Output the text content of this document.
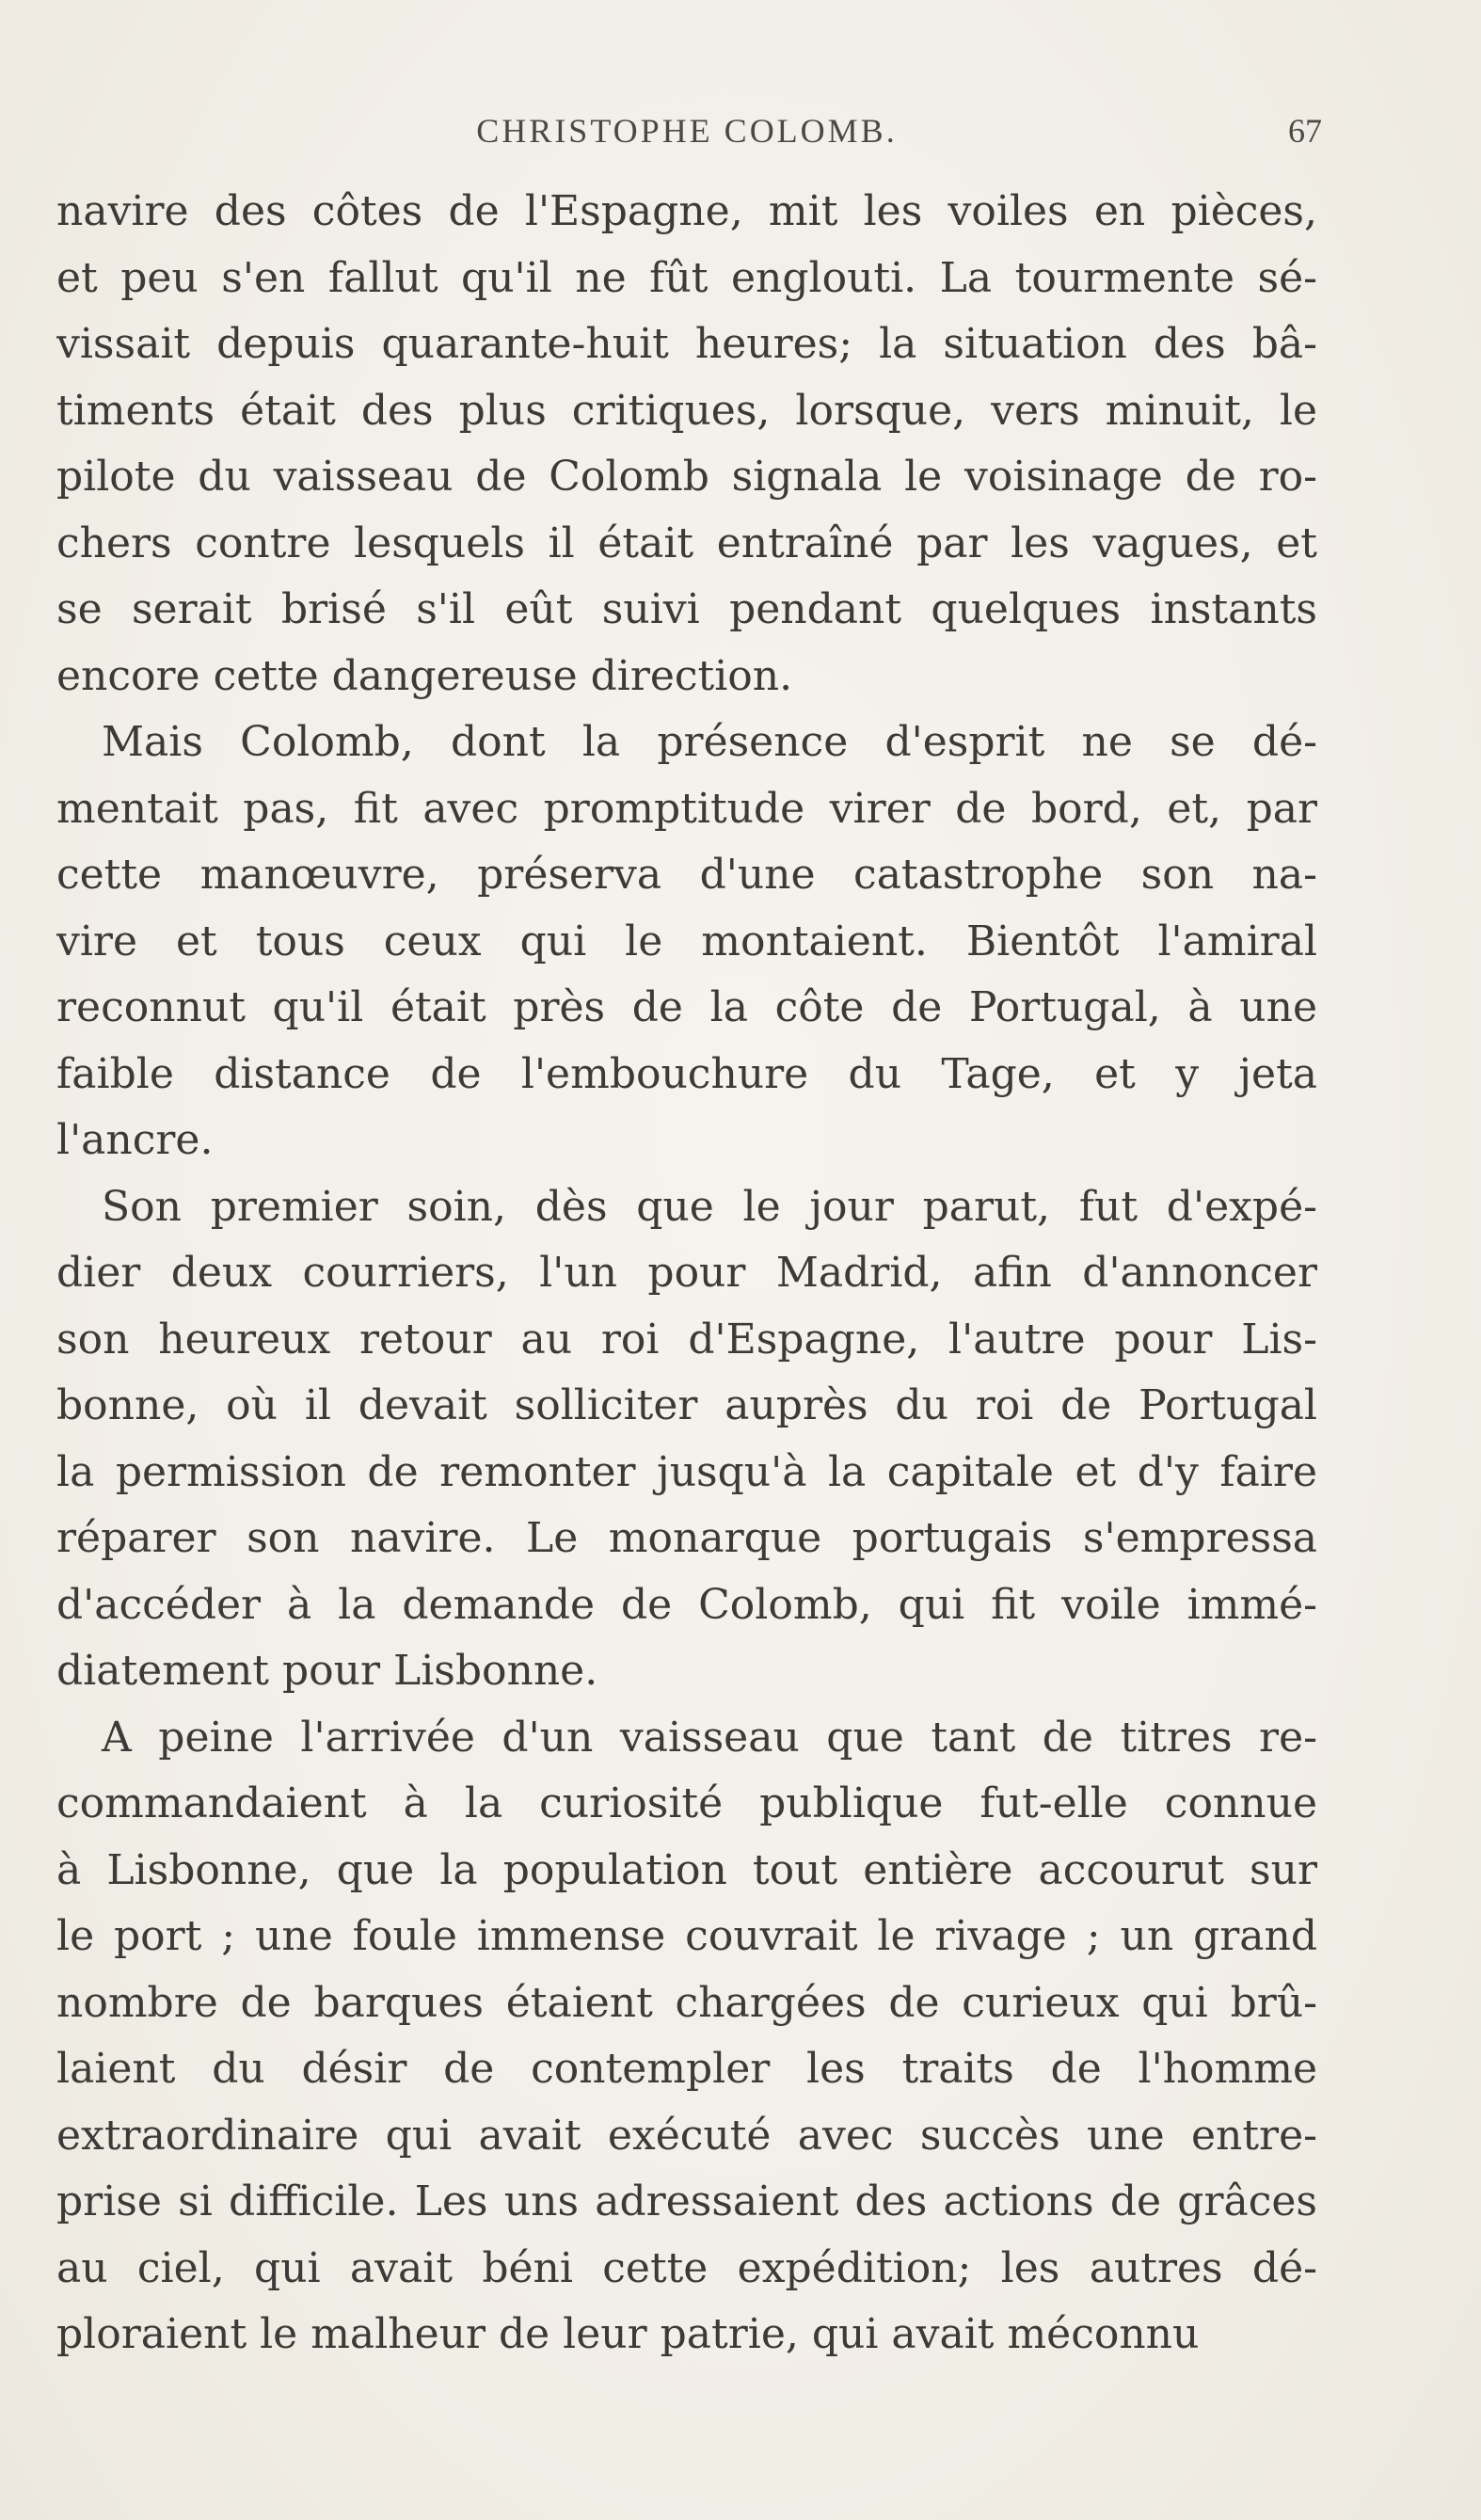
CHRISTOPHE COLOMB.	67
navire des côtes de l'Espagne, mit les voiles en pièces,
et peu s'en fallut qu'il ne fût englouti. La tourmente sé-
vissait depuis quarante-huit heures; la situation des bâ-
timents était des plus critiques, lorsque, vers minuit, le
pilote du vaisseau de Colomb signala le voisinage de ro-
chers contre lesquels il était entraîné par les vagues, et
se serait brisé s'il eût suivi pendant quelques instants
encore cette dangereuse direction.
Mais Colomb, dont la présence d'esprit ne se dé-
mentait pas, fit avec promptitude virer de bord, et, par
cette manœuvre, préserva d'une catastrophe son na-
vire et tous ceux qui le montaient. Bientôt l'amiral
reconnut qu'il était près de la côte de Portugal, à une
faible distance de l'embouchure du Tage, et y jeta
l'ancre.
Son premier soin, dès que le jour parut, fut d'expé-
dier deux courriers, l'un pour Madrid, afin d'annoncer
son heureux retour au roi d'Espagne, l'autre pour Lis-
bonne, où il devait solliciter auprès du roi de Portugal
la permission de remonter jusqu'à la capitale et d'y faire
réparer son navire. Le monarque portugais s'empressa
d'accéder à la demande de Colomb, qui fit voile immé-
diatement pour Lisbonne.
A peine l'arrivée d'un vaisseau que tant de titres re-
commandaient à la curiosité publique fut-elle connue
à Lisbonne, que la population tout entière accourut sur
le port ; une foule immense couvrait le rivage ; un grand
nombre de barques étaient chargées de curieux qui brû-
laient du désir de contempler les traits de l'homme
extraordinaire qui avait exécuté avec succès une entre-
prise si difficile. Les uns adressaient des actions de grâces
au ciel, qui avait béni cette expédition; les autres dé-
ploraient le malheur de leur patrie, qui avait méconnu
